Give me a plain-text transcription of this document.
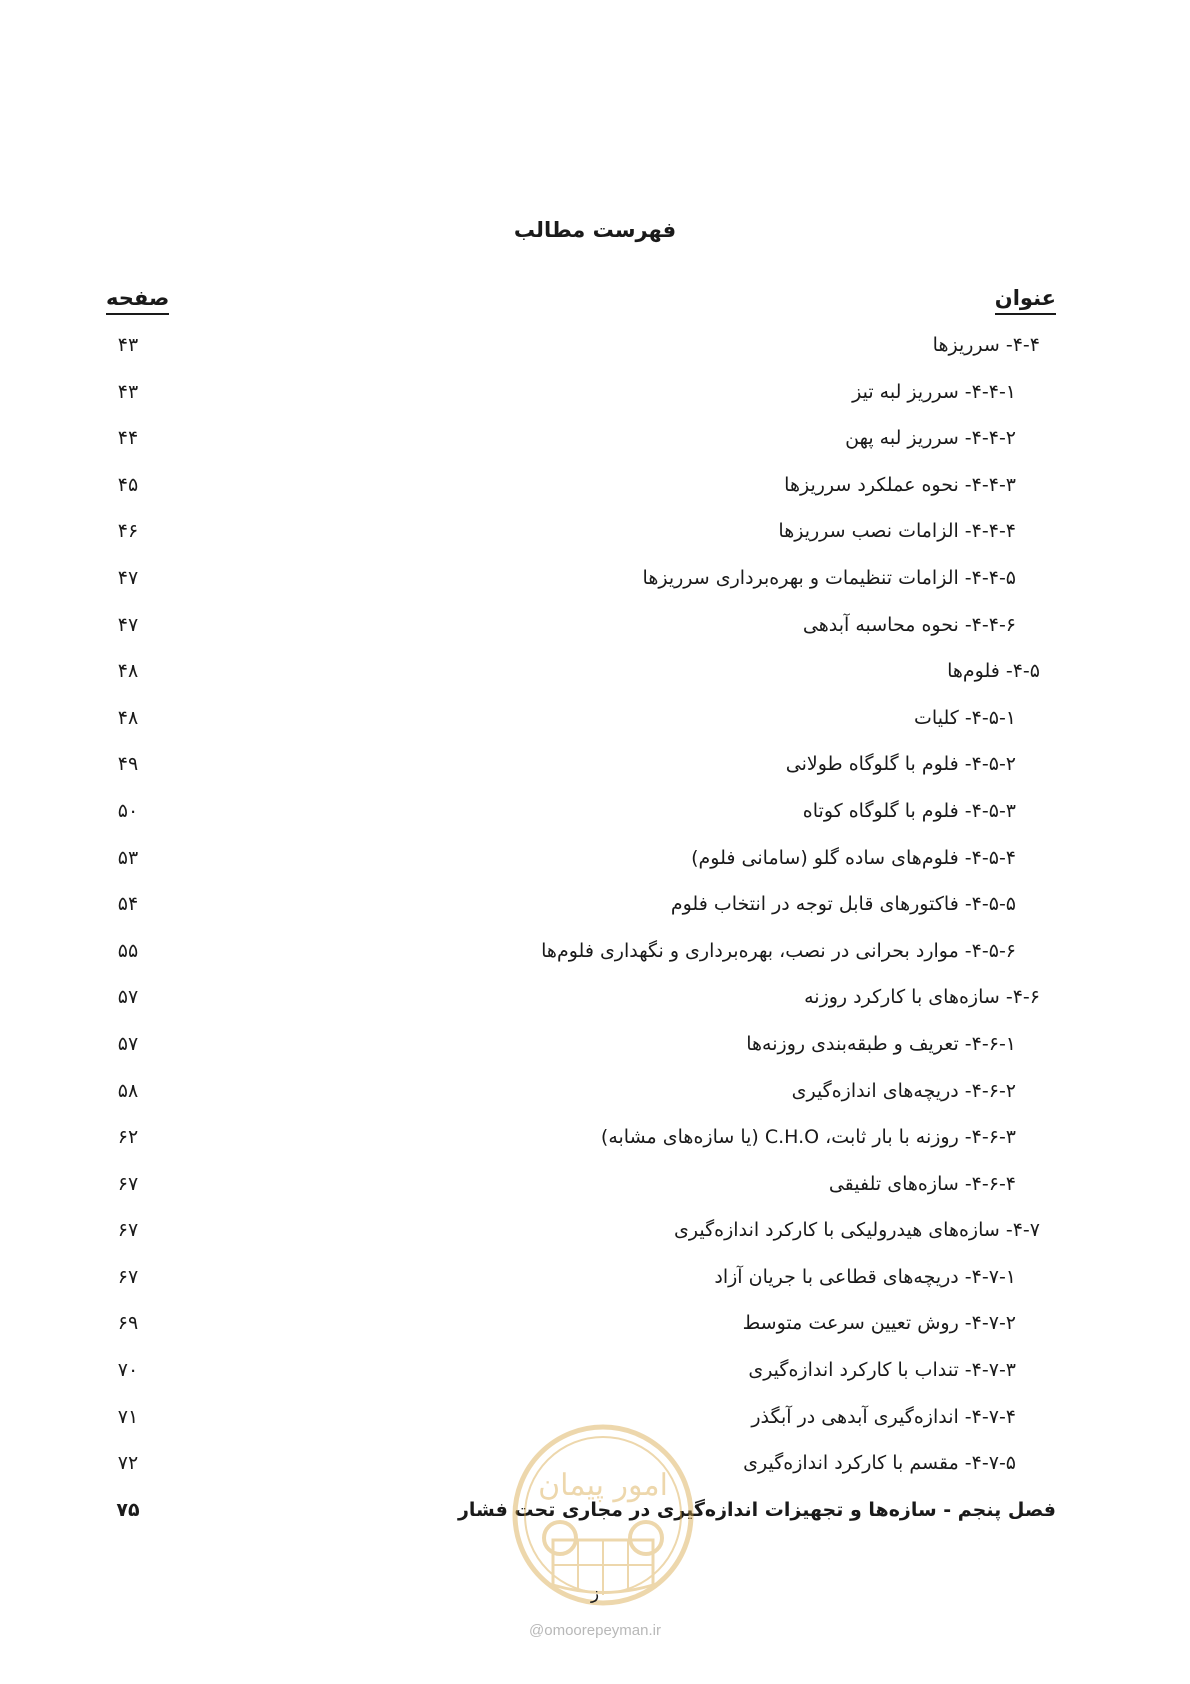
فهرست مطالب
عنوان
صفحه
۴-۴- سرریزها
۴۳
۴-۴-۱- سرریز لبه تیز
۴۳
۴-۴-۲- سرریز لبه پهن
۴۴
۴-۴-۳- نحوه عملکرد سرریزها
۴۵
۴-۴-۴- الزامات نصب سرریزها
۴۶
۴-۴-۵- الزامات تنظیمات و بهره‌برداری سرریزها
۴۷
۴-۴-۶- نحوه محاسبه آبدهی
۴۷
۴-۵- فلوم‌ها
۴۸
۴-۵-۱- کلیات
۴۸
۴-۵-۲- فلوم با گلوگاه طولانی
۴۹
۴-۵-۳- فلوم با گلوگاه کوتاه
۵۰
۴-۵-۴- فلوم‌های ساده گلو (سامانی فلوم)
۵۳
۴-۵-۵- فاکتورهای قابل توجه در انتخاب فلوم
۵۴
۴-۵-۶- موارد بحرانی در نصب، بهره‌برداری و نگهداری فلوم‌ها
۵۵
۴-۶- سازه‌های با کارکرد روزنه
۵۷
۴-۶-۱- تعریف و طبقه‌بندی روزنه‌ها
۵۷
۴-۶-۲- دریچه‌های اندازه‌گیری
۵۸
۴-۶-۳- روزنه با بار ثابت، C.H.O (یا سازه‌های مشابه)
۶۲
۴-۶-۴- سازه‌های تلفیقی
۶۷
۴-۷- سازه‌های هیدرولیکی با کارکرد اندازه‌گیری
۶۷
۴-۷-۱- دریچه‌های قطاعی با جریان آزاد
۶۷
۴-۷-۲- روش تعیین سرعت متوسط
۶۹
۴-۷-۳- تنداب با کارکرد اندازه‌گیری
۷۰
۴-۷-۴- اندازه‌گیری آبدهی در آبگذر
۷۱
۴-۷-۵- مقسم با کارکرد اندازه‌گیری
۷۲
فصل پنجم - سازه‌ها و تجهیزات اندازه‌گیری در مجاری تحت فشار
۷۵
امور پیمان
ز
@omoorepeyman.ir
